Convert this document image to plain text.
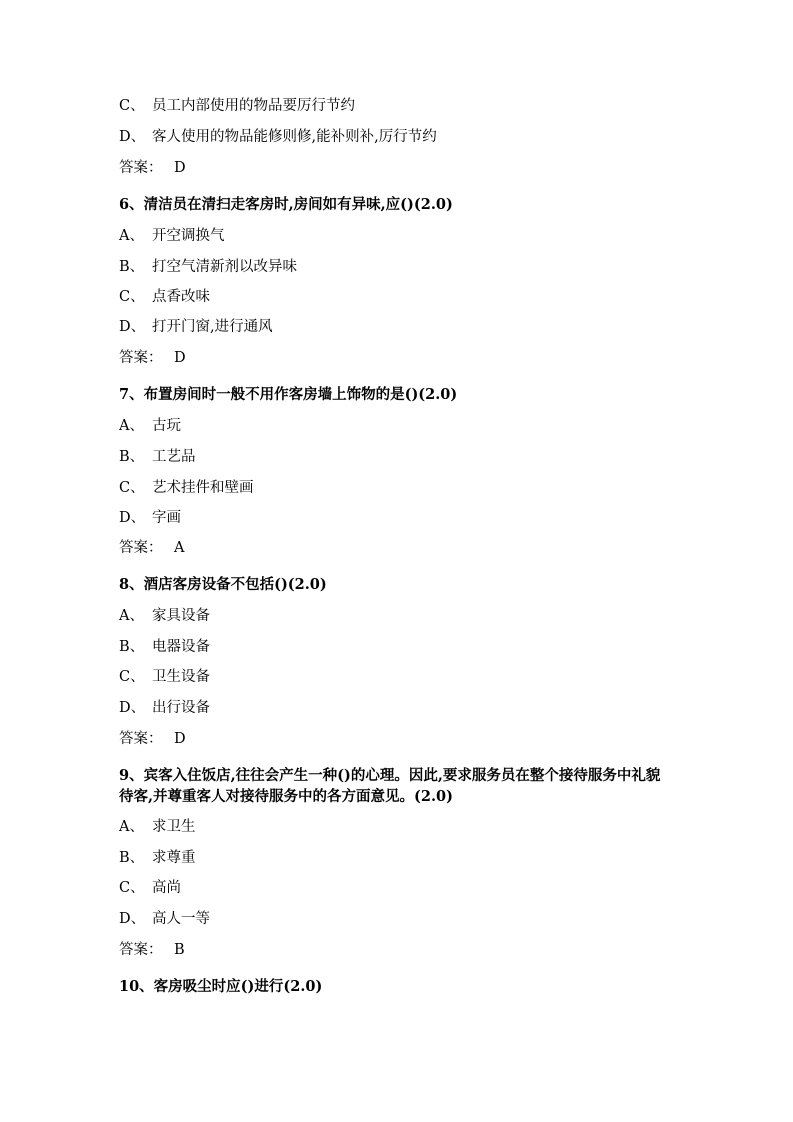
C、 员工内部使用的物品要厉行节约
D、 客人使用的物品能修则修,能补则补,厉行节约
答案： D
6、清洁员在清扫走客房时,房间如有异味,应()(2.0)
A、 开空调换气
B、 打空气清新剂以改异味
C、 点香改味
D、 打开门窗,进行通风
答案： D
7、布置房间时一般不用作客房墙上饰物的是()(2.0)
A、 古玩
B、 工艺品
C、 艺术挂件和壁画
D、 字画
答案： A
8、酒店客房设备不包括()(2.0)
A、 家具设备
B、 电器设备
C、 卫生设备
D、 出行设备
答案： D
9、宾客入住饭店,往往会产生一种()的心理。因此,要求服务员在整个接待服务中礼貌待客,并尊重客人对接待服务中的各方面意见。(2.0)
A、 求卫生
B、 求尊重
C、 高尚
D、 高人一等
答案： B
10、客房吸尘时应()进行(2.0)
